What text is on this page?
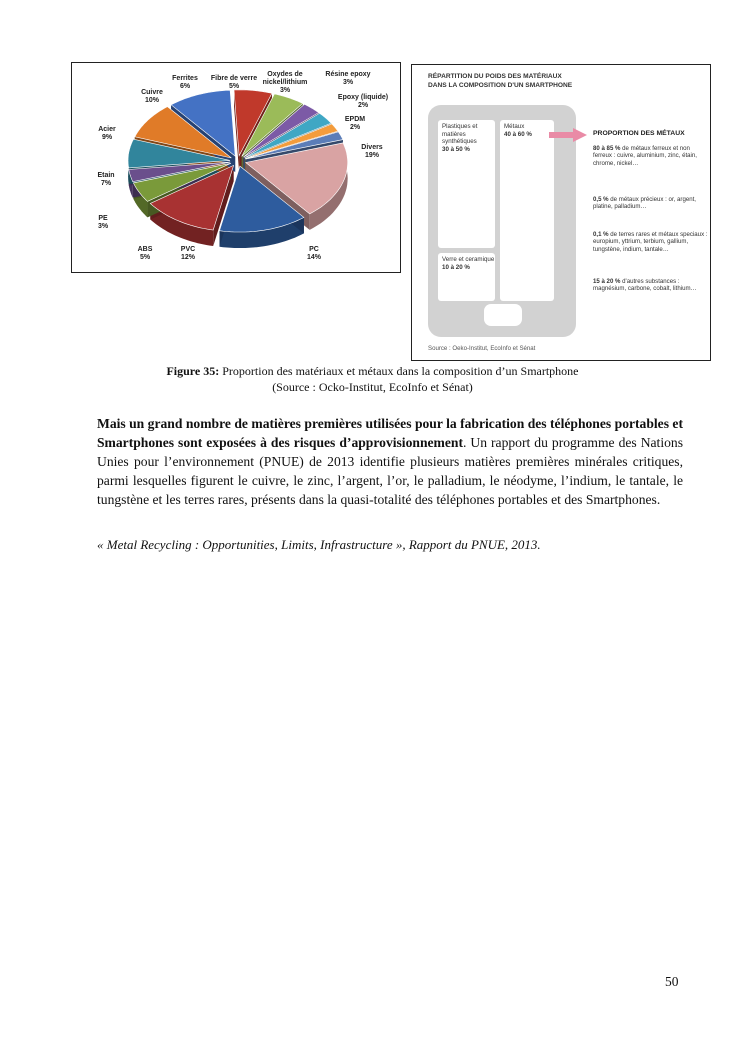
Ferrites
6%
Fibre de verre
5%
Oxydes de
nickel/lithium
3%
Résine epoxy
3%
Epoxy (liquide)
2%
EPDM
2%
Divers
19%
PC
14%
PVC
12%
ABS
5%
PE
3%
Etain
7%
Acier
9%
Cuivre
10%
RÉPARTITION DU POIDS DES MATÉRIAUX
DANS LA COMPOSITION D'UN SMARTPHONE
Plastiques et matières synthétiques
30 à 50 %
Métaux
40 à 60 %
Verre et ceramique
10 à 20 %
PROPORTION DES MÉTAUX
80 à 85 % de métaux ferreux et non ferreux : cuivre, aluminium, zinc, étain, chrome, nickel…
0,5 % de métaux précieux : or, argent, platine, palladium…
0,1 % de terres rares et métaux speciaux : europium, yttrium, terbium, gallium, tungstène, indium, tantale…
15 à 20 % d'autres substances : magnésium, carbone, cobalt, lithium…
Source : Oeko-Institut, EcoInfo et Sénat
Figure 35: Proportion des matériaux et métaux dans la composition d’un Smartphone
(Source : Ocko-Institut, EcoInfo et Sénat)
Mais un grand nombre de matières premières utilisées pour la fabrication des téléphones portables et Smartphones sont exposées à des risques d’approvisionnement. Un rapport du programme des Nations Unies pour l’environnement (PNUE) de 2013 identifie plusieurs matières premières minérales critiques, parmi lesquelles figurent le cuivre, le zinc, l’argent, l’or, le palladium, le néodyme, l’indium, le tantale, le tungstène et les terres rares, présents dans la quasi-totalité des téléphones portables et des Smartphones.
« Metal Recycling : Opportunities, Limits, Infrastructure », Rapport du PNUE, 2013.
50
